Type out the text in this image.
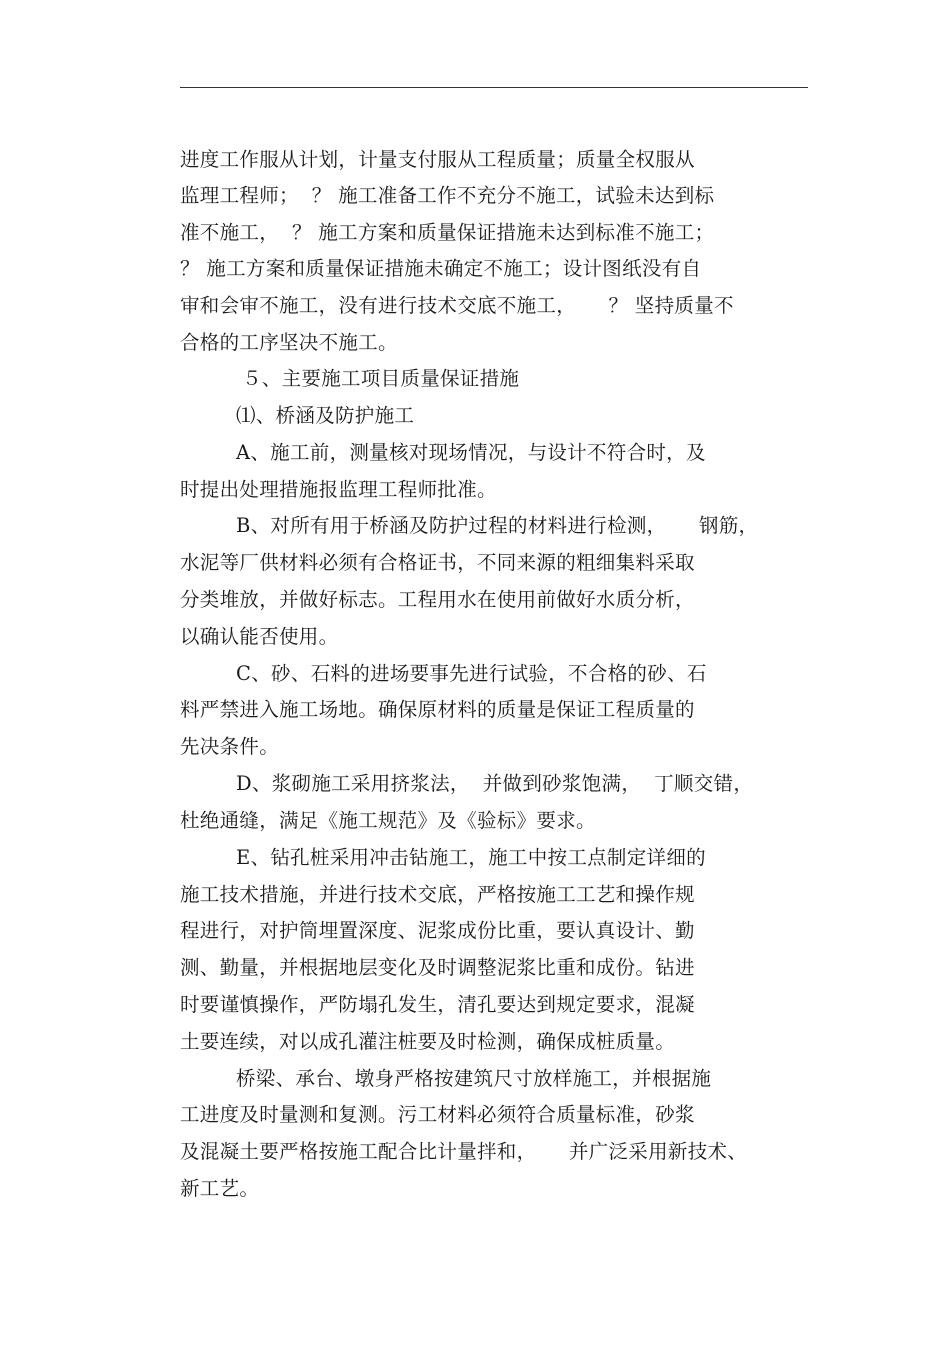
进度工作服从计划，计量支付服从工程质量；质量全权服从
监理工程师；  ？ 施工准备工作不充分不施工，试验未达到标
准不施工，  ？ 施工方案和质量保证措施未达到标准不施工；
？ 施工方案和质量保证措施未确定不施工；设计图纸没有自
审和会审不施工，没有进行技术交底不施工，     ？ 坚持质量不
合格的工序坚决不施工。
５、主要施工项目质量保证措施
⑴、桥涵及防护施工
A、施工前，测量核对现场情况，与设计不符合时，及
时提出处理措施报监理工程师批准。
B、对所有用于桥涵及防护过程的材料进行检测，     钢筋，
水泥等厂供材料必须有合格证书，不同来源的粗细集料采取
分类堆放，并做好标志。工程用水在使用前做好水质分析，
以确认能否使用。
C、砂、石料的进场要事先进行试验，不合格的砂、石
料严禁进入施工场地。确保原材料的质量是保证工程质量的
先决条件。
D、浆砌施工采用挤浆法，  并做到砂浆饱满，  丁顺交错，
杜绝通缝，满足《施工规范》及《验标》要求。
E、钻孔桩采用冲击钻施工，施工中按工点制定详细的
施工技术措施，并进行技术交底，严格按施工工艺和操作规
程进行，对护筒埋置深度、泥浆成份比重，要认真设计、勤
测、勤量，并根据地层变化及时调整泥浆比重和成份。钻进
时要谨慎操作，严防塌孔发生，清孔要达到规定要求，混凝
土要连续，对以成孔灌注桩要及时检测，确保成桩质量。
桥梁、承台、墩身严格按建筑尺寸放样施工，并根据施
工进度及时量测和复测。污工材料必须符合质量标准，砂浆
及混凝土要严格按施工配合比计量拌和，     并广泛采用新技术、
新工艺。
